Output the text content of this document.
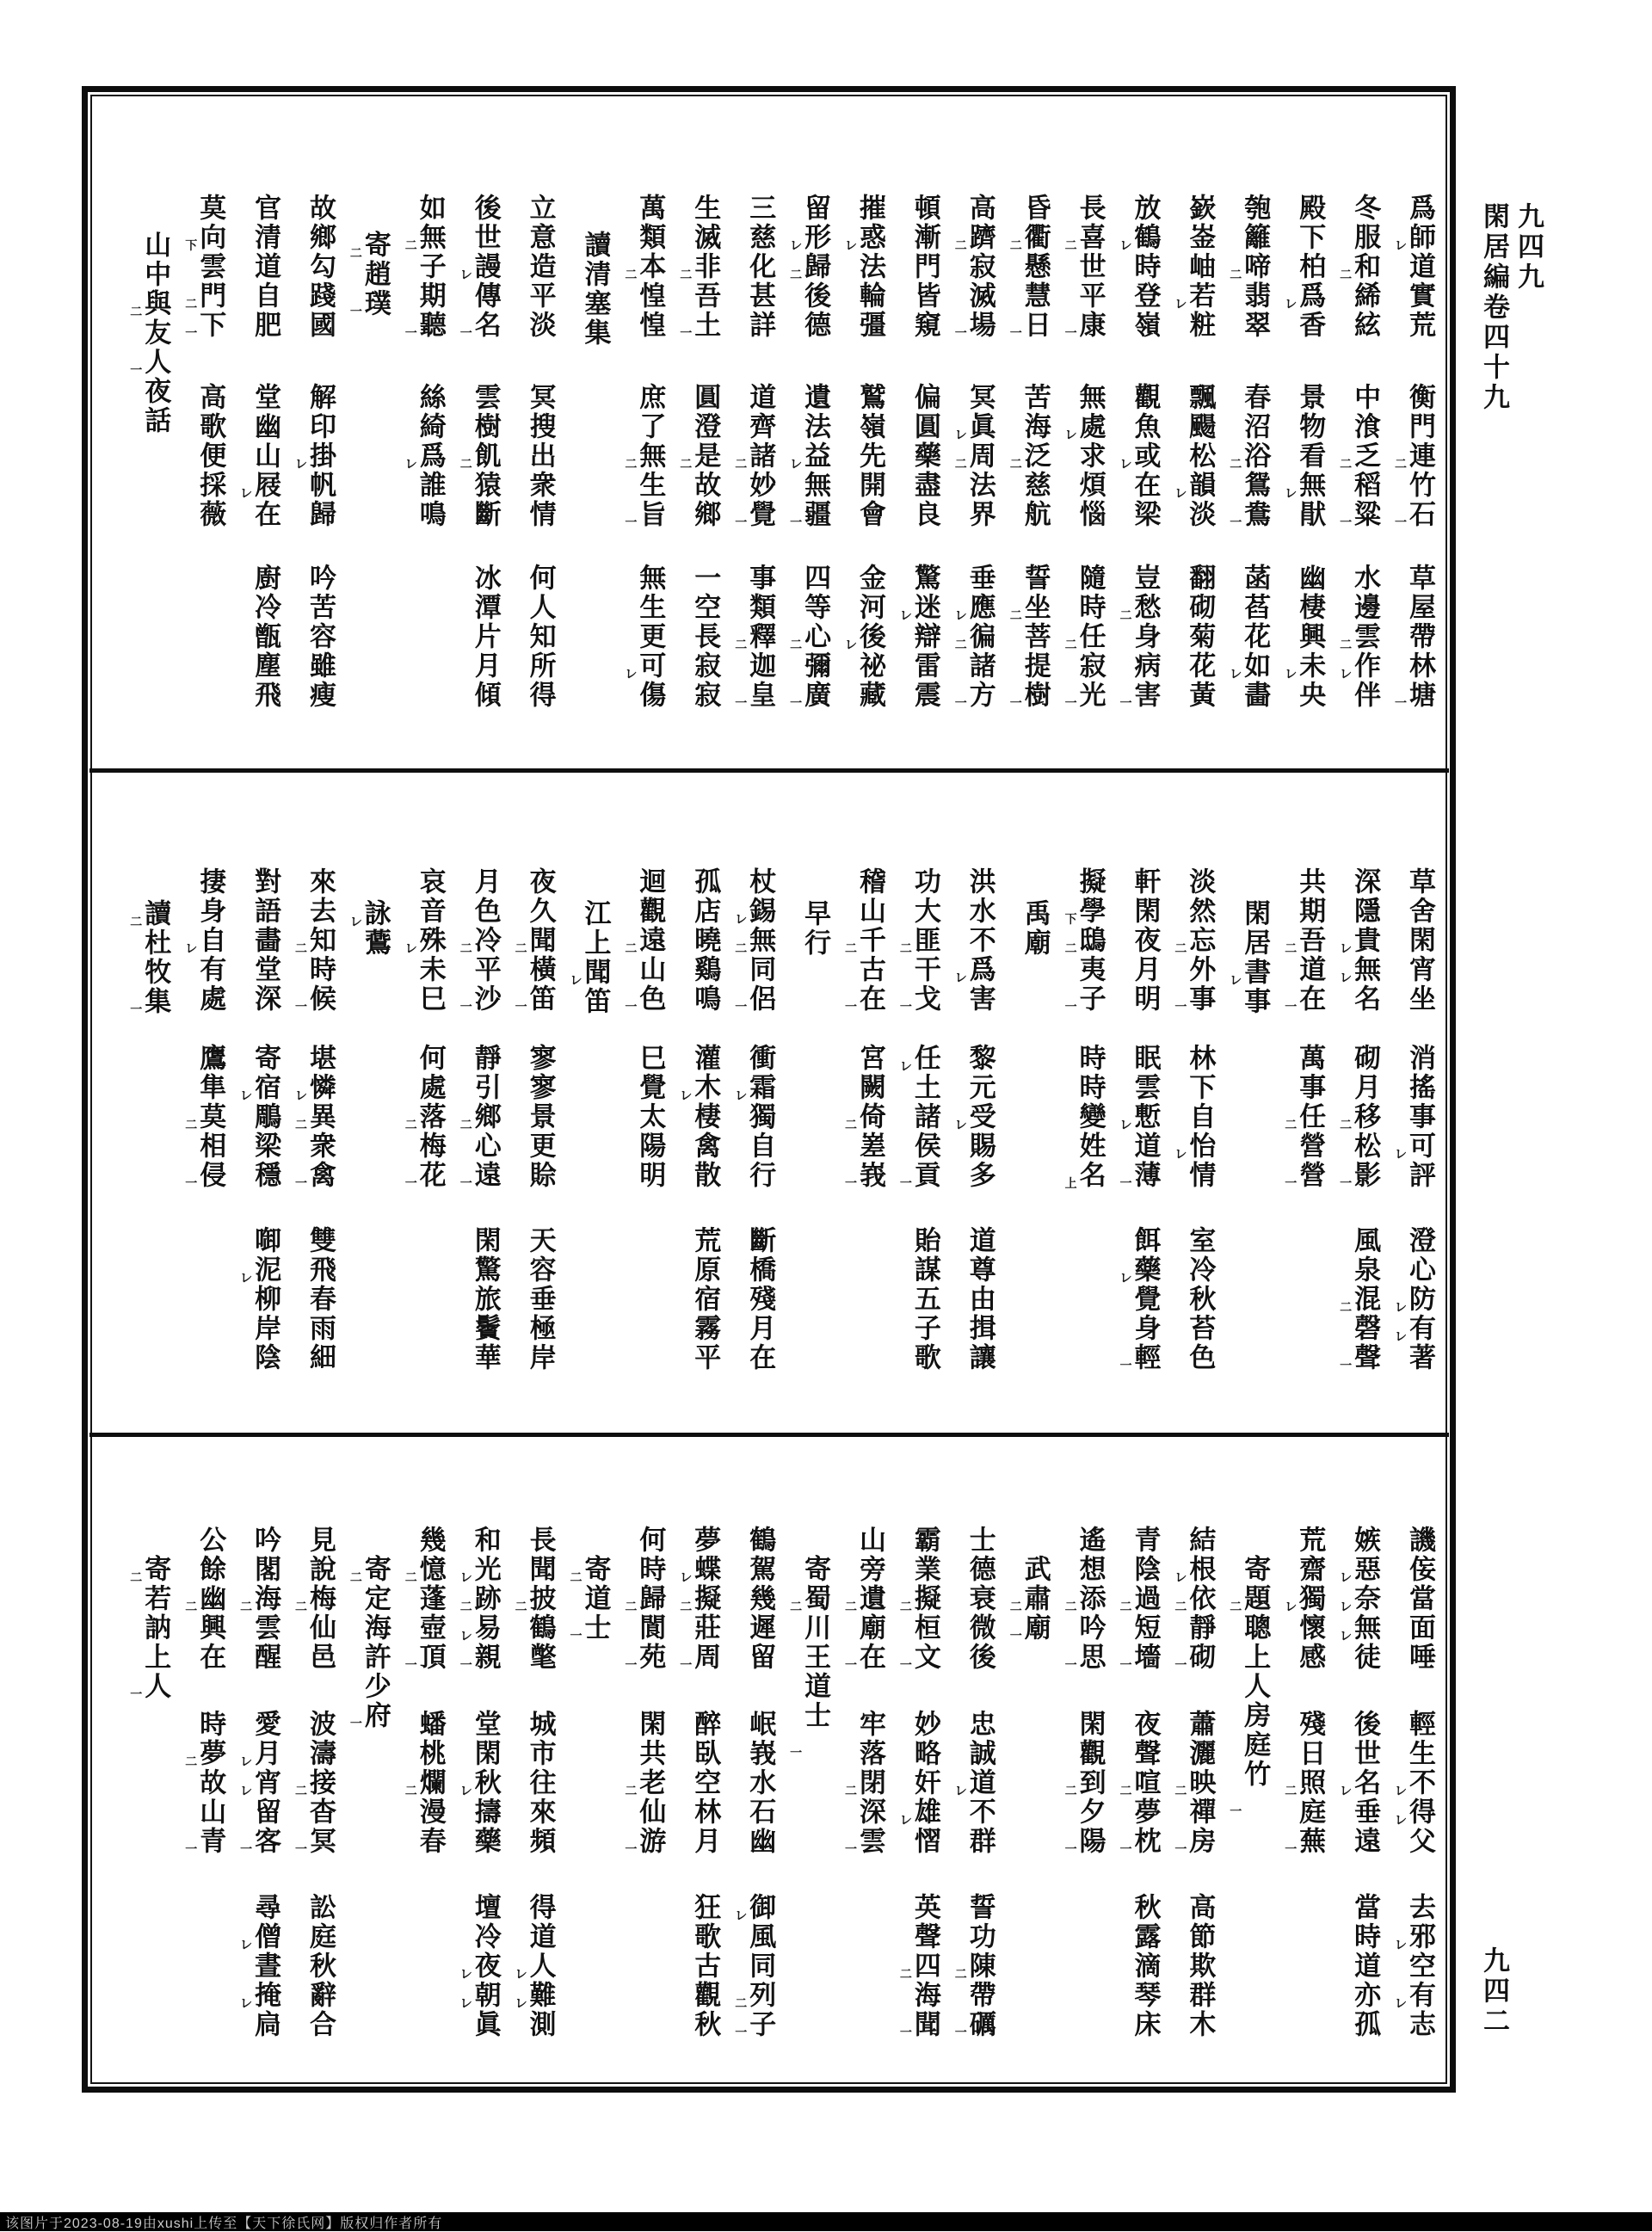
九四九
閑居編卷四十九
九四二
爲師道實荒
衡門連竹石
草屋帶林塘
㆑
二
一
一
冬服和絺絃
中湌乏稻粱
水邊雲作伴
二
二
一
二
㆑
殿下柏爲香
景物看無猒
幽棲興未央
㆑
㆑
㆑
匏籬啼翡翠
春沼浴鴛鴦
菡萏花如畵
二
二
一
㆑
嶔崟岫若粧
飄颺松韻淡
翻砌菊花黃
㆑
㆑
放鶴時登嶺
觀魚或在梁
豈愁身病害
㆑
㆑
二
一
長喜世平康
無處求煩惱
隨時任寂光
二
一
㆑
二
一
昏衢懸慧日
苦海泛慈航
誓坐菩提樹
二
一
二
二
一
高躋寂滅場
冥眞周法界
垂應徧諸方
二
一
㆑
二
㆑
二
一
頓漸門皆窺
偏圓藥盡良
驚迷辯雷震
㆑
摧惑法輪彊
鷲嶺先開會
金河後祕藏
㆑
㆑
留形歸後德
遺法益無疆
四等心彌廣
㆑
二
㆑
一
二
一
三慈化甚詳
道齊諸妙覺
事類釋迦皇
二
一
二
一
生滅非吾土
圓澄是故鄉
一空長寂寂
二
一
二
萬類本惶惶
庶了無生旨
無生更可傷
二
二
一
㆑
讀清塞集
立意造平淡
冥搜出衆情
何人知所得
後世謾傳名
雲樹飢猿斷
冰潭片月傾
㆑
一
二
如無子期聽
絲綺爲誰鳴
二
一
㆑
寄趙璞
二
一
故鄉勾踐國
解印掛帆歸
吟苦容雖瘦
㆑
官清道自肥
堂幽山屐在
廚冷甑塵飛
㆑
莫向雲門下
高歌便採薇
下
二
一
山中與友人夜話
二
一
草舍閑宵坐
消搖事可評
澄心防有著
㆑
㆑
㆑
深隱貴無名
砌月移松影
風泉混磬聲
㆑
㆑
二
一
二
一
共期吾道在
萬事任營營
二
一
二
一
閑居書事
㆑
淡然忘外事
林下自怡情
室冷秋苔色
二
一
㆑
軒閑夜月明
眠雲慙道薄
餌藥覺身輕
㆑
一
㆑
一
擬學鴟夷子
時時變姓名
下
二
一
上
禹廟
洪水不爲害
黎元受賜多
道尊由揖讓
㆑
㆑
功大匪干戈
任土諸侯貢
貽謀五子歌
二
一
㆑
一
稽山千古在
宮闕倚嵳峩
二
一
二
一
早行
杖錫無同侶
衝霜獨自行
斷橋殘月在
㆑
二
一
㆑
孤店曉鷄鳴
灌木棲禽散
荒原宿霧平
㆑
迴觀遠山色
巳覺太陽明
二
一
江上聞笛
㆑
夜久聞橫笛
寥寥景更賒
天容垂極岸
二
一
月色冷平沙
靜引鄉心遠
閑驚旅鬢華
二
一
二
一
哀音殊未巳
何處落梅花
㆑
二
一
詠鷰
㆑
來去知時候
堪憐異衆禽
雙飛春雨細
二
一
㆑
二
一
對語畵堂深
寄宿鵰梁穩
啣泥柳岸陰
㆑
㆑
捿身自有處
鷹隼莫相侵
㆑
二
一
讀杜牧集
二
一
譏侫當面唾
輕生不得父
去邪空有志
㆑
㆑
㆑
㆑
嫉惡奈無徒
後世名垂遠
當時道亦孤
㆑
㆑
㆑
㆑
荒齋獨懷感
殘日照庭蕪
㆑
二
一
寄題聰上人房庭竹
二
一
結根依靜砌
蕭灑映禪房
高節欺群木
㆑
二
一
二
一
青陰過短墻
夜聲喧夢枕
秋露滴琴床
二
一
二
一
遙想添吟思
閑觀到夕陽
二
一
二
一
武肅廟
二
一
士德衰微後
忠誠道不群
誓功陳帶礪
㆑
二
一
霸業擬桓文
妙略奸雄慴
英聲四海聞
二
一
㆑
二
一
山旁遺廟在
牢落閉深雲
二
一
二
一
寄蜀川王道士
二
一
鶴駕幾遲留
岷峩水石幽
御風同列子
㆑
二
一
夢蝶擬莊周
醉臥空林月
狂歌古觀秋
㆑
二
一
何時歸閬苑
閑共老仙游
二
一
二
一
寄道士
二
一
長聞披鶴氅
城市往來頻
得道人難測
二
㆑
㆑
和光跡易親
堂閑秋擣藥
壇冷夜朝眞
㆑
二
㆑
一
㆑
㆑
㆑
幾憶蓬壺頂
蟠桃爛漫春
二
一
二
寄定海許少府
二
一
見說梅仙邑
波濤接杳冥
訟庭秋辭合
二
二
一
吟閣海雲醒
愛月宵留客
尋僧晝掩扃
二
㆑
㆑
一
㆑
㆑
公餘幽興在
時夢故山青
二
二
一
寄若訥上人
二
一
该图片于2023-08-19由xushi上传至【天下徐氏网】版权归作者所有
